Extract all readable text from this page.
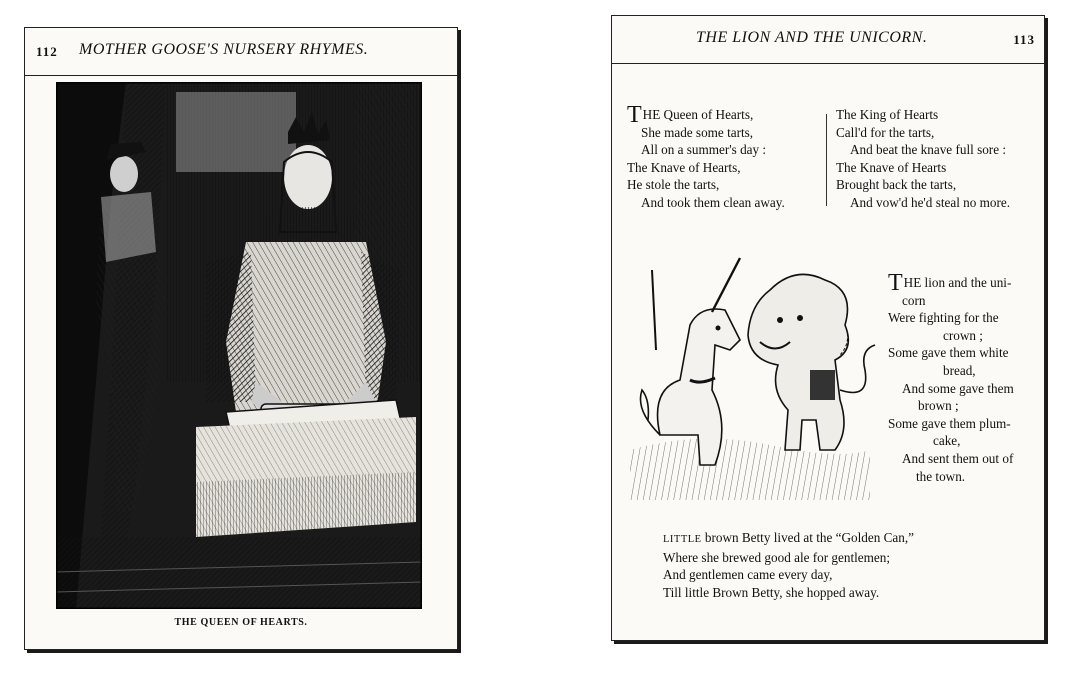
112 MOTHER GOOSE'S NURSERY RHYMES.
THE QUEEN OF HEARTS.
THE LION AND THE UNICORN.	113
THE Queen of Hearts,
She made some tarts,
All on a summer's day :
The Knave of Hearts,
He stole the tarts,
And took them clean away.
The King of Hearts
Call'd for the tarts,
And beat the knave full sore :
The Knave of Hearts
Brought back the tarts,
And vow'd he'd steal no more.
THE lion and the uni-
corn
Were fighting for the
crown ;
Some gave them white
bread,
And some gave them
brown ;
Some gave them plum-
cake,
And sent them out of
the town.
LITTLE brown Betty lived at the “Golden Can,”
Where she brewed good ale for gentlemen;
And gentlemen came every day,
Till little Brown Betty, she hopped away.
